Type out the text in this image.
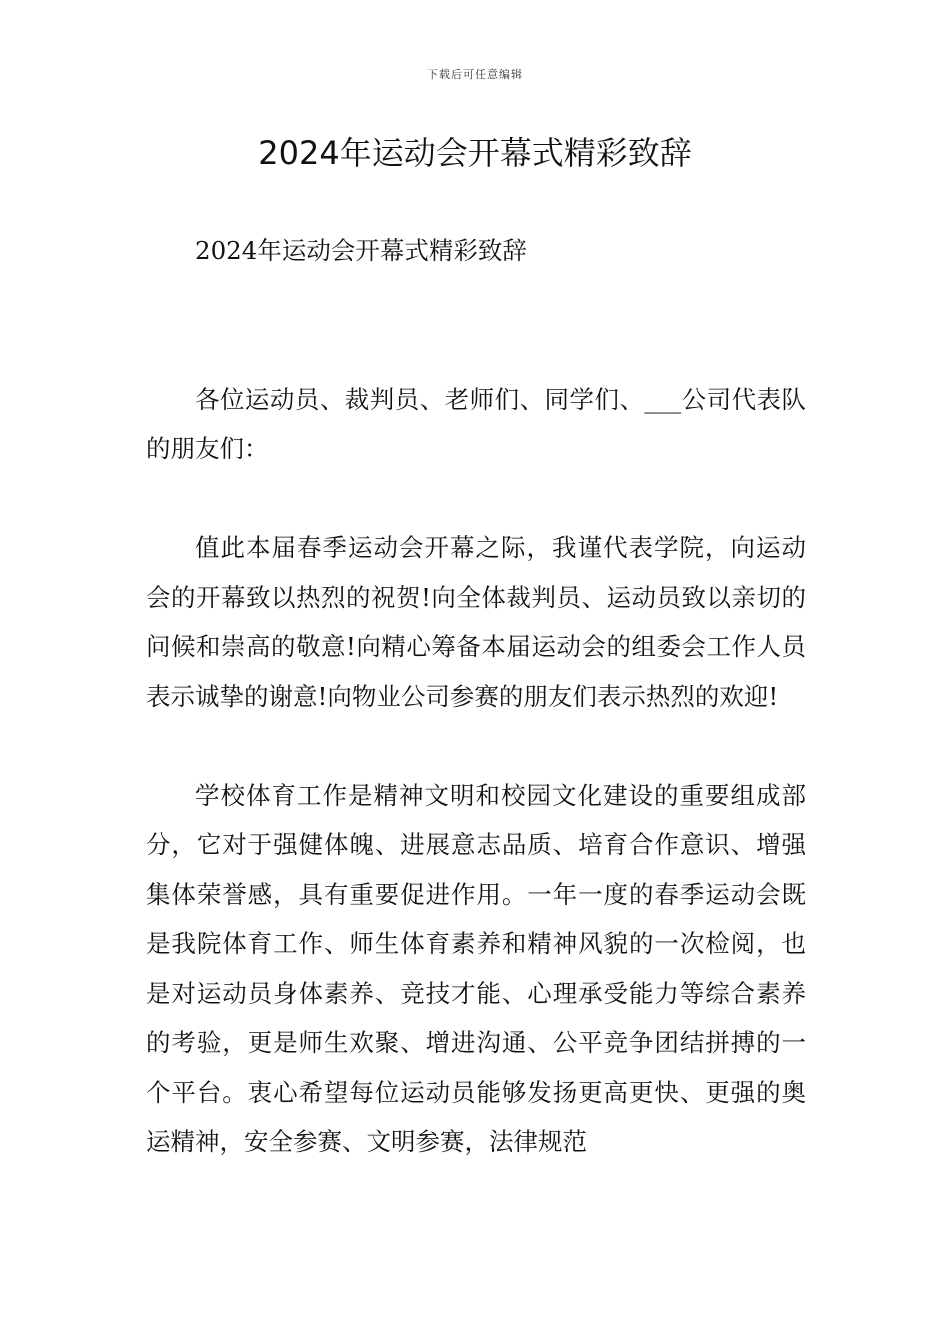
下载后可任意编辑
2024年运动会开幕式精彩致辞

2024年运动会开幕式精彩致辞

各位运动员、裁判员、老师们、同学们、___公司代表队的朋友们：

值此本届春季运动会开幕之际，我谨代表学院，向运动会的开幕致以热烈的祝贺!向全体裁判员、运动员致以亲切的问候和崇高的敬意!向精心筹备本届运动会的组委会工作人员表示诚挚的谢意!向物业公司参赛的朋友们表示热烈的欢迎!

学校体育工作是精神文明和校园文化建设的重要组成部分，它对于强健体魄、进展意志品质、培育合作意识、增强集体荣誉感，具有重要促进作用。一年一度的春季运动会既是我院体育工作、师生体育素养和精神风貌的一次检阅，也是对运动员身体素养、竞技才能、心理承受能力等综合素养的考验，更是师生欢聚、增进沟通、公平竞争团结拼搏的一个平台。衷心希望每位运动员能够发扬更高更快、更强的奥运精神，安全参赛、文明参赛，法律规范
